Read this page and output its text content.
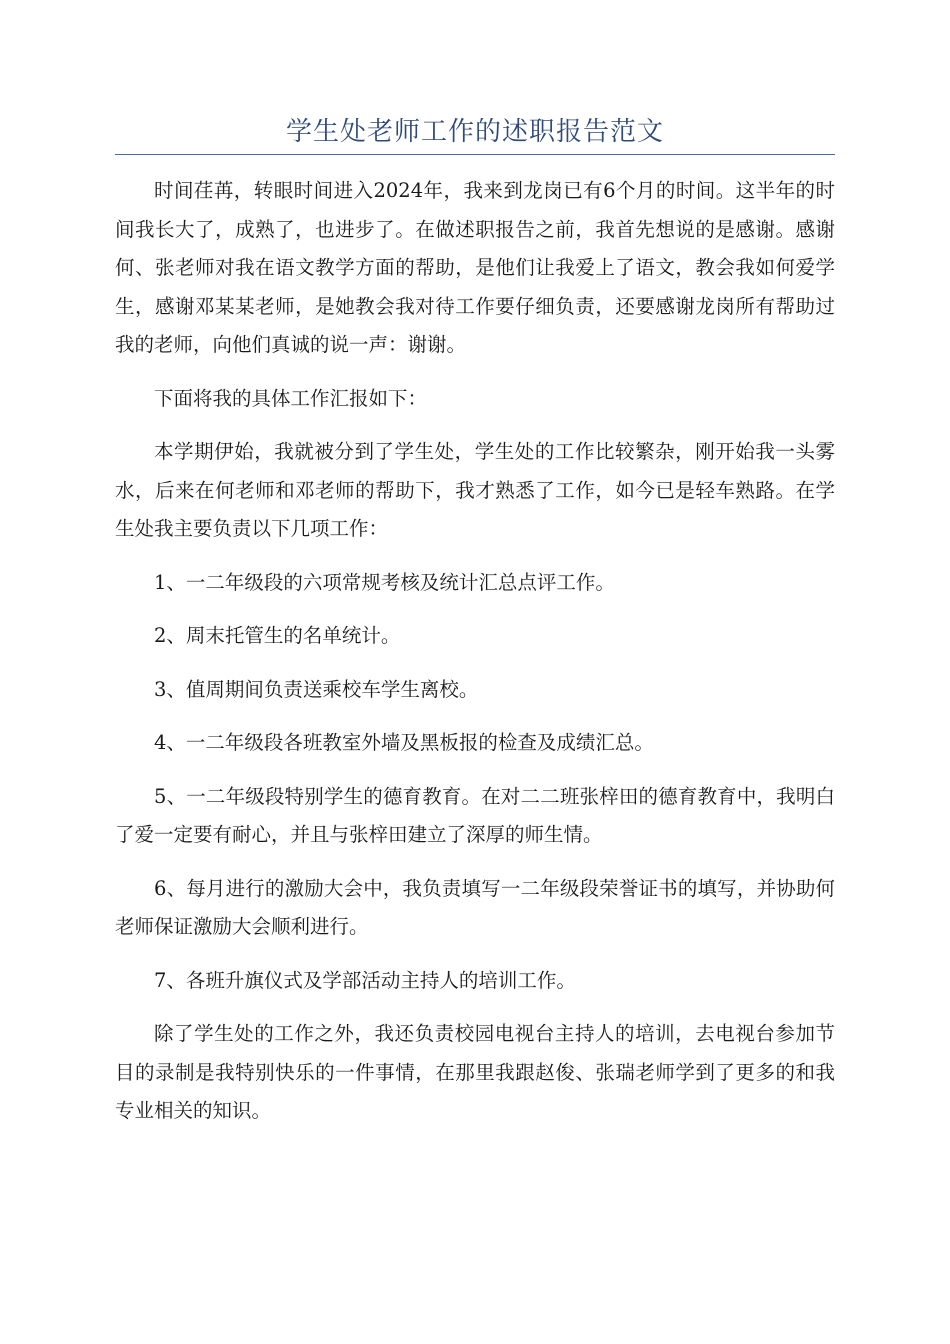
学生处老师工作的述职报告范文

时间荏苒，转眼时间进入2024年，我来到龙岗已有6个月的时间。这半年的时间我长大了，成熟了，也进步了。在做述职报告之前，我首先想说的是感谢。感谢何、张老师对我在语文教学方面的帮助，是他们让我爱上了语文，教会我如何爱学生，感谢邓某某老师，是她教会我对待工作要仔细负责，还要感谢龙岗所有帮助过我的老师，向他们真诚的说一声：谢谢。

下面将我的具体工作汇报如下：

本学期伊始，我就被分到了学生处，学生处的工作比较繁杂，刚开始我一头雾水，后来在何老师和邓老师的帮助下，我才熟悉了工作，如今已是轻车熟路。在学生处我主要负责以下几项工作：

1、一二年级段的六项常规考核及统计汇总点评工作。

2、周末托管生的名单统计。

3、值周期间负责送乘校车学生离校。

4、一二年级段各班教室外墙及黑板报的检查及成绩汇总。

5、一二年级段特别学生的德育教育。在对二二班张梓田的德育教育中，我明白了爱一定要有耐心，并且与张梓田建立了深厚的师生情。

6、每月进行的激励大会中，我负责填写一二年级段荣誉证书的填写，并协助何老师保证激励大会顺利进行。

7、各班升旗仪式及学部活动主持人的培训工作。

除了学生处的工作之外，我还负责校园电视台主持人的培训，去电视台参加节目的录制是我特别快乐的一件事情，在那里我跟赵俊、张瑞老师学到了更多的和我专业相关的知识。
